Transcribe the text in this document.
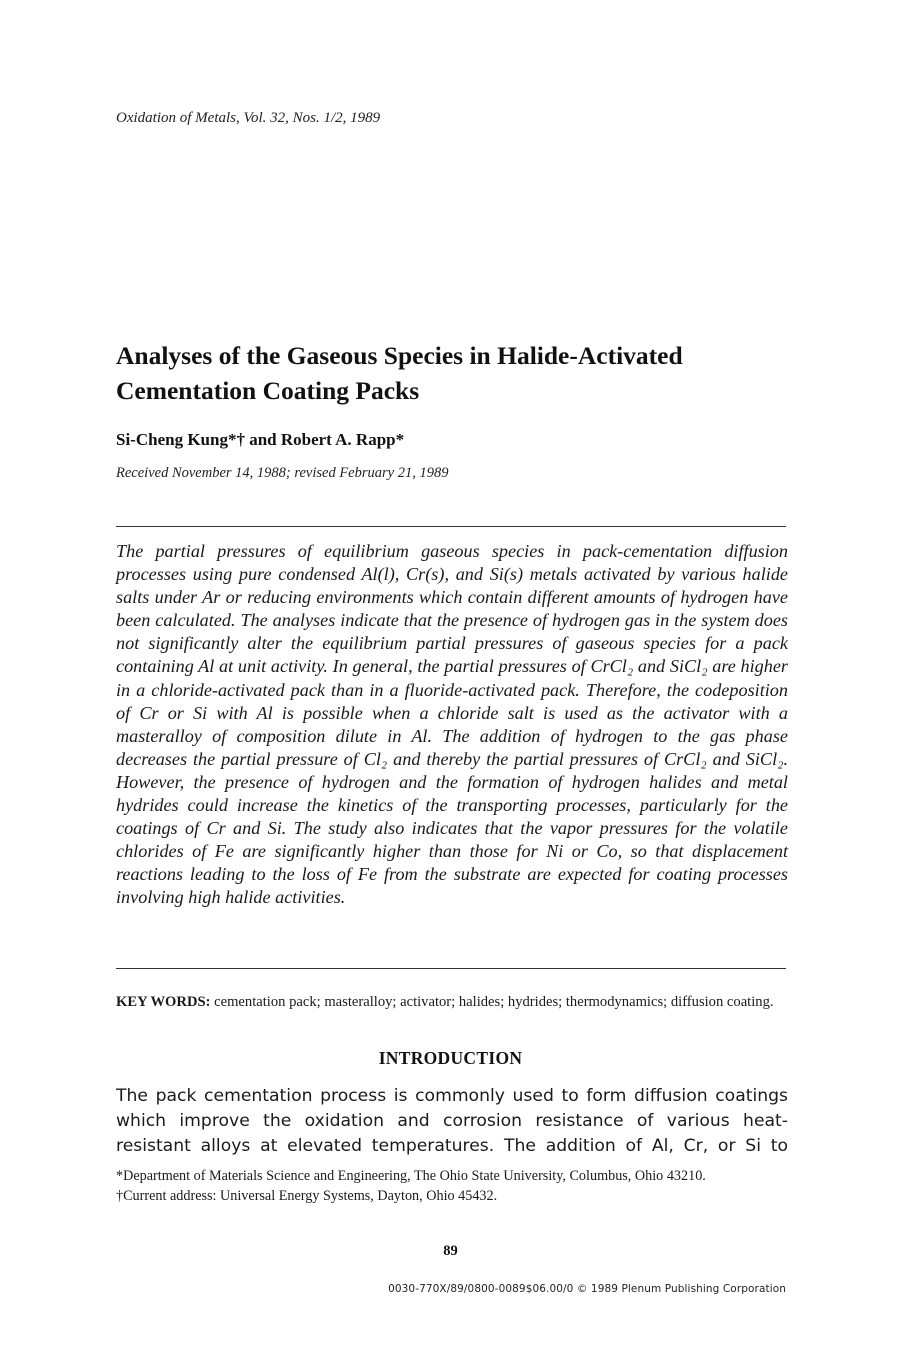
Oxidation of Metals, Vol. 32, Nos. 1/2, 1989
Analyses of the Gaseous Species in Halide-Activated Cementation Coating Packs
Si-Cheng Kung*† and Robert A. Rapp*
Received November 14, 1988; revised February 21, 1989

The partial pressures of equilibrium gaseous species in pack-cementation diffusion processes using pure condensed Al(l), Cr(s), and Si(s) metals activated by various halide salts under Ar or reducing environments which contain different amounts of hydrogen have been calculated. The analyses indicate that the presence of hydrogen gas in the system does not significantly alter the equilibrium partial pressures of gaseous species for a pack containing Al at unit activity. In general, the partial pressures of CrCl₂ and SiCl₂ are higher in a chloride-activated pack than in a fluoride-activated pack. Therefore, the codeposition of Cr or Si with Al is possible when a chloride salt is used as the activator with a masteralloy of composition dilute in Al. The addition of hydrogen to the gas phase decreases the partial pressure of Cl₂ and thereby the partial pressures of CrCl₂ and SiCl₂. However, the presence of hydrogen and the formation of hydrogen halides and metal hydrides could increase the kinetics of the transporting processes, particularly for the coatings of Cr and Si. The study also indicates that the vapor pressures for the volatile chlorides of Fe are significantly higher than those for Ni or Co, so that displacement reactions leading to the loss of Fe from the substrate are expected for coating processes involving high halide activities.

KEY WORDS: cementation pack; masteralloy; activator; halides; hydrides; thermodynamics; diffusion coating.

INTRODUCTION

The pack cementation process is commonly used to form diffusion coatings which improve the oxidation and corrosion resistance of various heat-resistant alloys at elevated temperatures. The addition of Al, Cr, or Si to

*Department of Materials Science and Engineering, The Ohio State University, Columbus, Ohio 43210.

†Current address: Universal Energy Systems, Dayton, Ohio 45432.

89
0030-770X/89/0800-0089$06.00/0 © 1989 Plenum Publishing Corporation
